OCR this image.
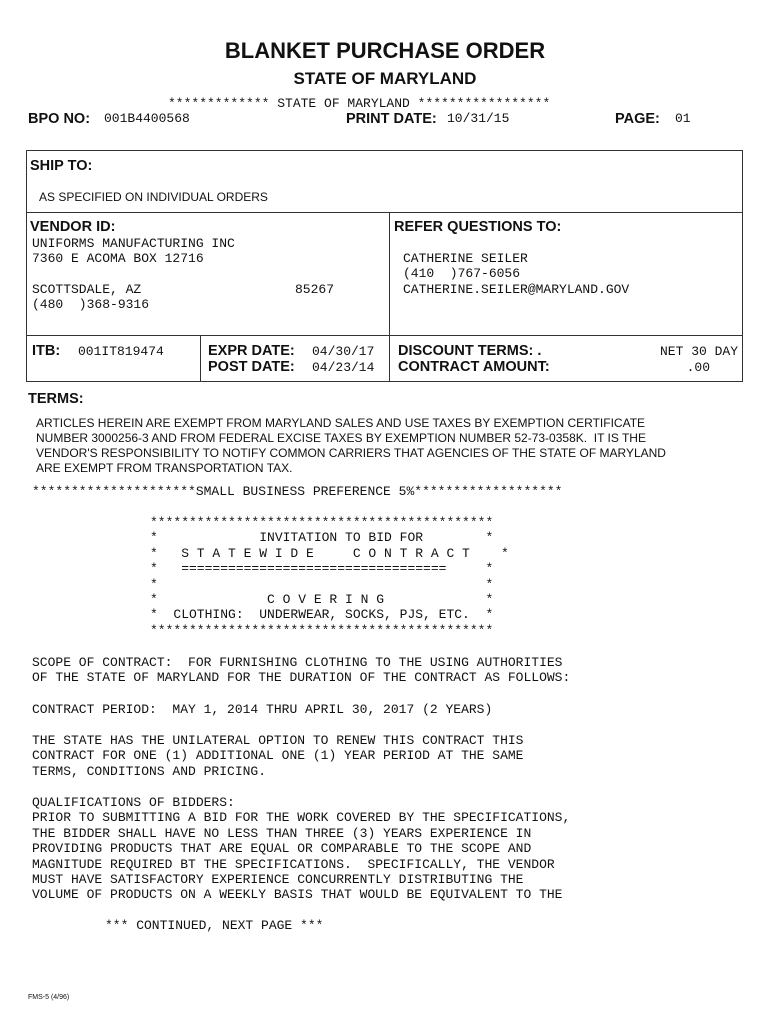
BLANKET PURCHASE ORDER
STATE OF MARYLAND
************* STATE OF MARYLAND *****************
BPO NO: 001B4400568	PRINT DATE: 10/31/15	PAGE: 01
SHIP TO:
AS SPECIFIED ON INDIVIDUAL ORDERS
VENDOR ID:
UNIFORMS MANUFACTURING INC
7360 E ACOMA BOX 12716
SCOTTSDALE, AZ	85267
(480  )368-9316
REFER QUESTIONS TO:
CATHERINE SEILER
(410  )767-6056
CATHERINE.SEILER@MARYLAND.GOV
ITB: 001IT819474	EXPR DATE: 04/30/17
POST DATE: 04/23/14
DISCOUNT TERMS: .	NET 30 DAY
CONTRACT AMOUNT:	.00
TERMS:
ARTICLES HEREIN ARE EXEMPT FROM MARYLAND SALES AND USE TAXES BY EXEMPTION CERTIFICATE
NUMBER 3000256-3 AND FROM FEDERAL EXCISE TAXES BY EXEMPTION NUMBER 52-73-0358K.  IT IS THE
VENDOR'S RESPONSIBILITY TO NOTIFY COMMON CARRIERS THAT AGENCIES OF THE STATE OF MARYLAND
ARE EXEMPT FROM TRANSPORTATION TAX.
*********************SMALL BUSINESS PREFERENCE 5%*******************
********************************************
*             INVITATION TO BID FOR        *
*   S T A T E W I D E     C O N T R A C T    *
*   ==================================     *
*                                          *
*              C O V E R I N G             *
*  CLOTHING:  UNDERWEAR, SOCKS, PJS, ETC.  *
********************************************
SCOPE OF CONTRACT:  FOR FURNISHING CLOTHING TO THE USING AUTHORITIES
OF THE STATE OF MARYLAND FOR THE DURATION OF THE CONTRACT AS FOLLOWS:
CONTRACT PERIOD:  MAY 1, 2014 THRU APRIL 30, 2017 (2 YEARS)
THE STATE HAS THE UNILATERAL OPTION TO RENEW THIS CONTRACT THIS
CONTRACT FOR ONE (1) ADDITIONAL ONE (1) YEAR PERIOD AT THE SAME
TERMS, CONDITIONS AND PRICING.
QUALIFICATIONS OF BIDDERS:
PRIOR TO SUBMITTING A BID FOR THE WORK COVERED BY THE SPECIFICATIONS,
THE BIDDER SHALL HAVE NO LESS THAN THREE (3) YEARS EXPERIENCE IN
PROVIDING PRODUCTS THAT ARE EQUAL OR COMPARABLE TO THE SCOPE AND
MAGNITUDE REQUIRED BT THE SPECIFICATIONS.  SPECIFICALLY, THE VENDOR
MUST HAVE SATISFACTORY EXPERIENCE CONCURRENTLY DISTRIBUTING THE
VOLUME OF PRODUCTS ON A WEEKLY BASIS THAT WOULD BE EQUIVALENT TO THE
*** CONTINUED, NEXT PAGE ***
FMS-5 (4/96)
